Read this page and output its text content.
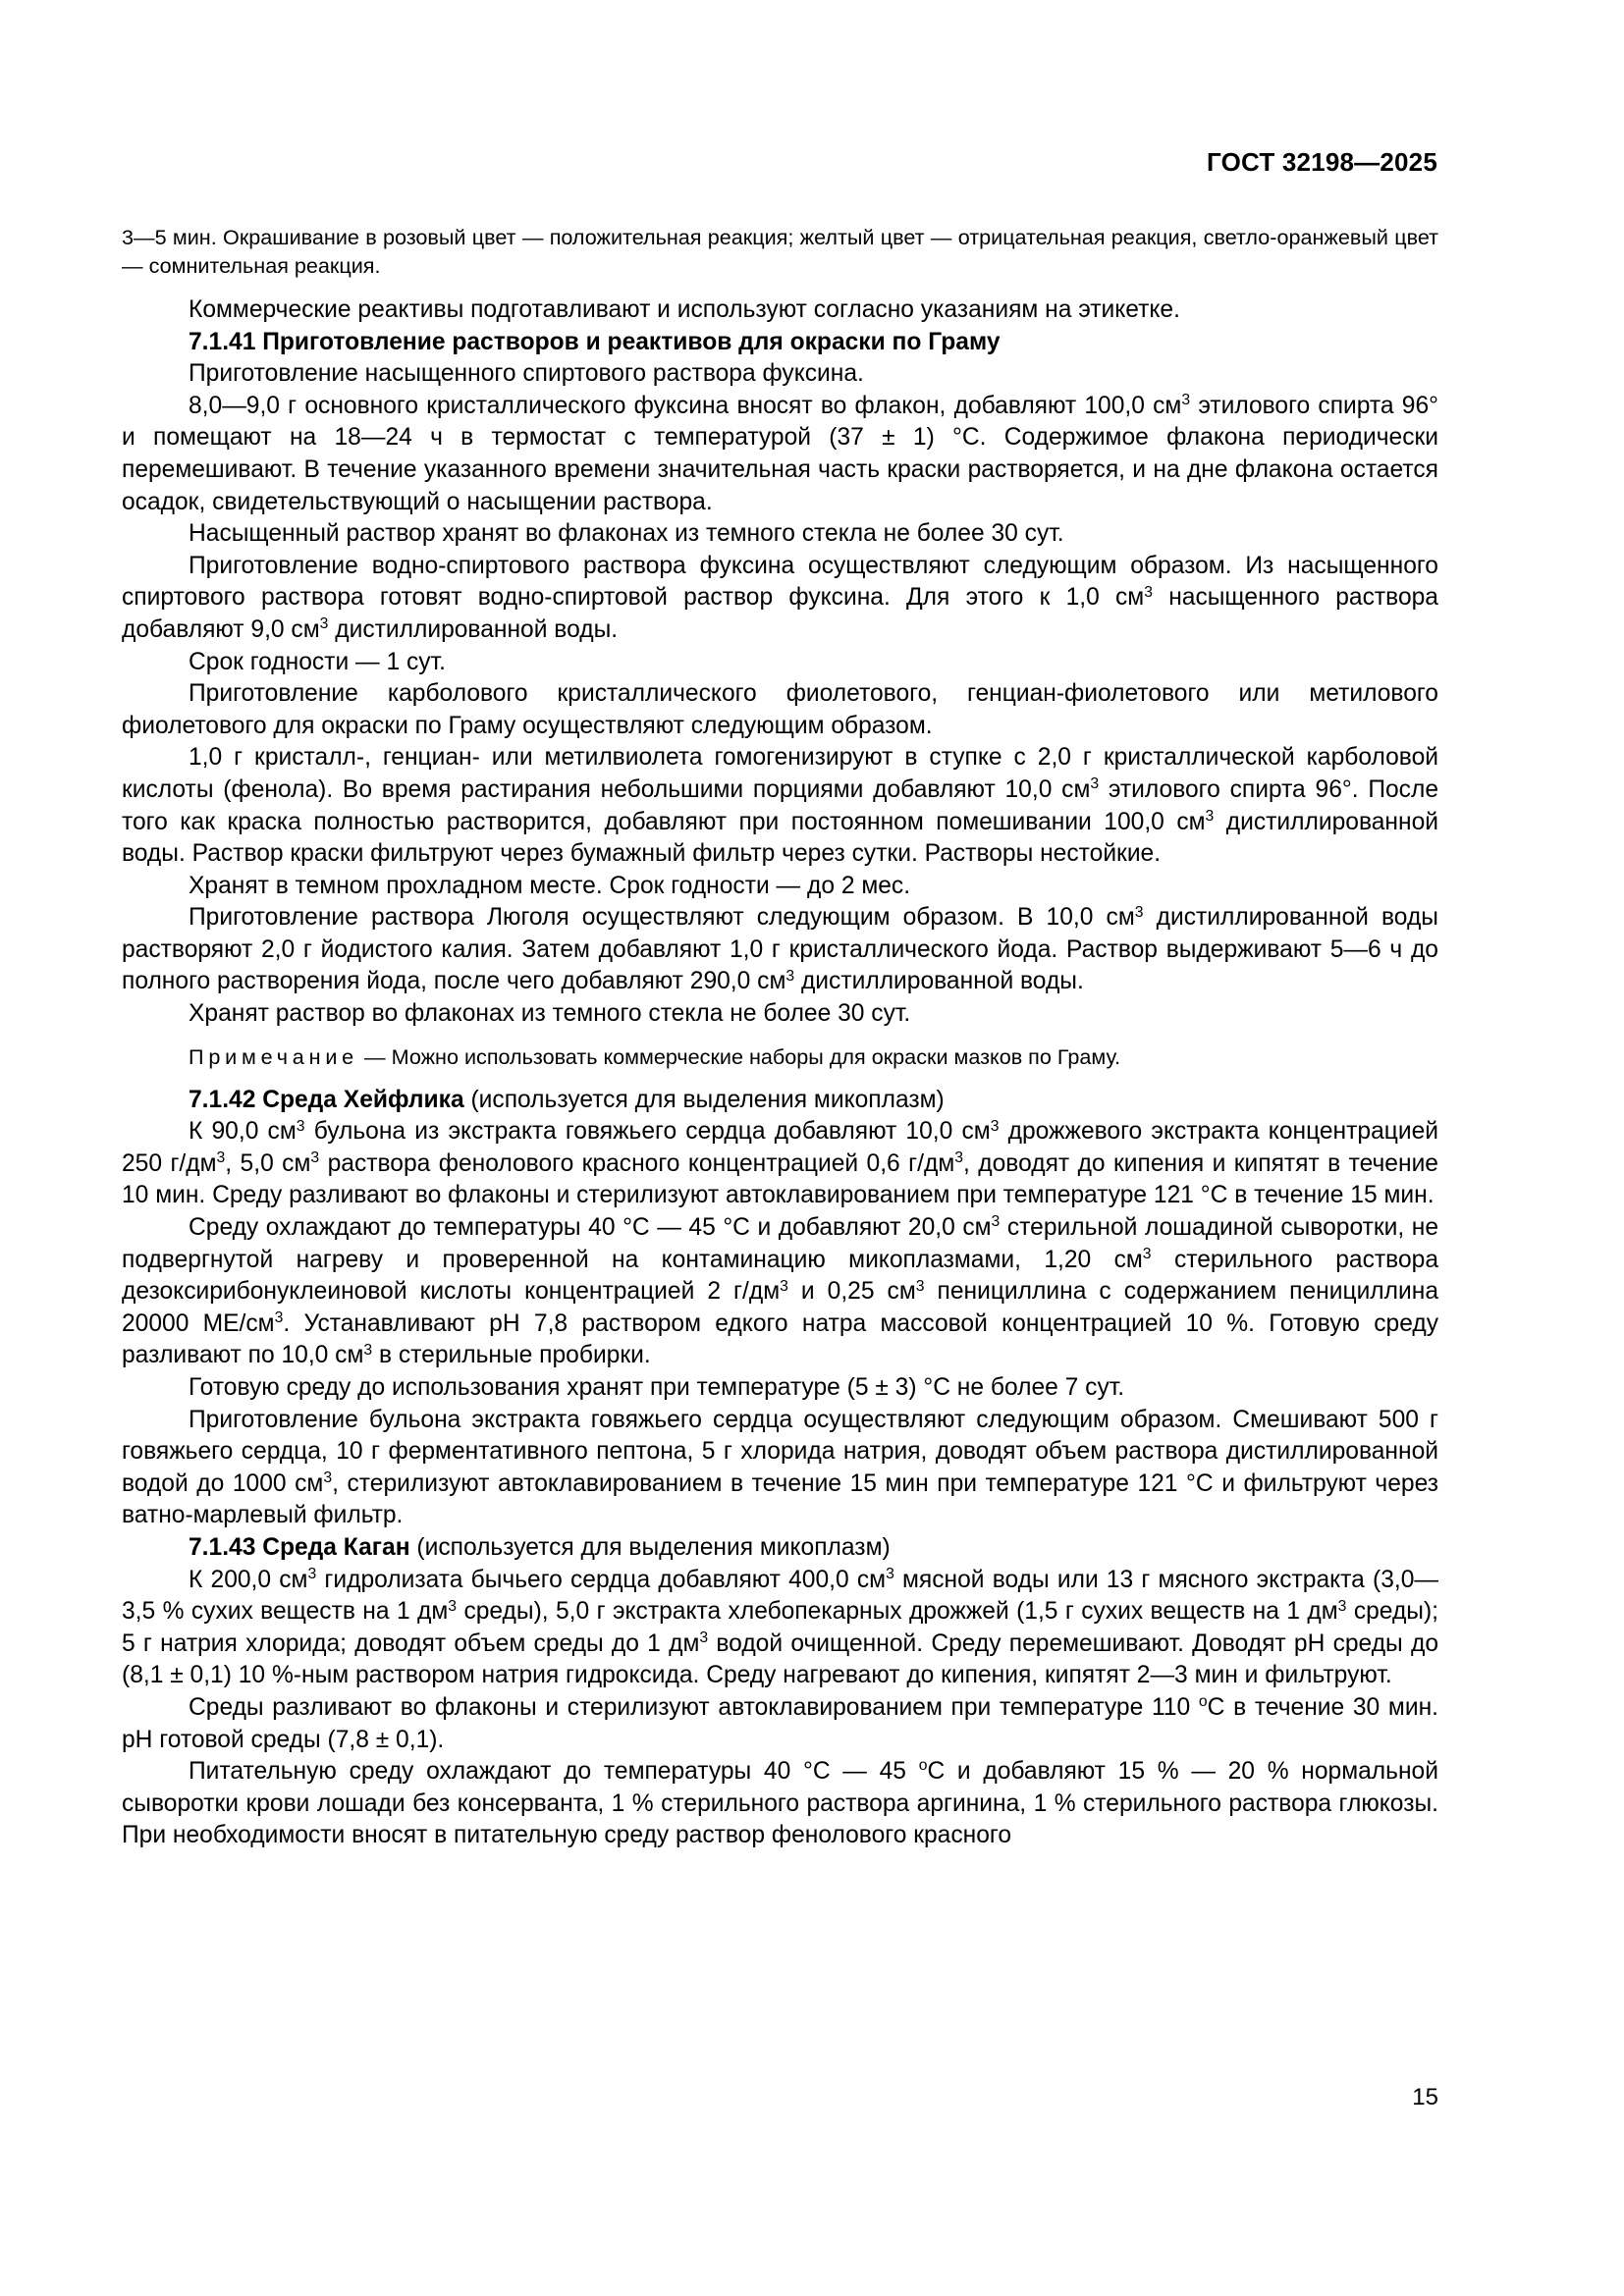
ГОСТ 32198—2025

3—5 мин. Окрашивание в розовый цвет — положительная реакция; желтый цвет — отрицательная реакция, светло-оранжевый цвет — сомнительная реакция.

Коммерческие реактивы подготавливают и используют согласно указаниям на этикетке.

7.1.41 Приготовление растворов и реактивов для окраски по Граму

Приготовление насыщенного спиртового раствора фуксина.

8,0—9,0 г основного кристаллического фуксина вносят во флакон, добавляют 100,0 $см^3$ этилового спирта 96° и помещают на 18—24 ч в термостат с температурой (37 ± 1) °С. Содержимое флакона периодически перемешивают. В течение указанного времени значительная часть краски растворяется, и на дне флакона остается осадок, свидетельствующий о насыщении раствора.

Насыщенный раствор хранят во флаконах из темного стекла не более 30 сут.

Приготовление водно-спиртового раствора фуксина осуществляют следующим образом. Из насыщенного спиртового раствора готовят водно-спиртовой раствор фуксина. Для этого к 1,0 $см^3$ насыщенного раствора добавляют 9,0 $см^3$ дистиллированной воды.

Срок годности — 1 сут.

Приготовление карболового кристаллического фиолетового, генциан-фиолетового или метилового фиолетового для окраски по Граму осуществляют следующим образом.

1,0 г кристалл-, генциан- или метилвиолета гомогенизируют в ступке с 2,0 г кристаллической карболовой кислоты (фенола). Во время растирания небольшими порциями добавляют 10,0 $см^3$ этилового спирта 96°. После того как краска полностью растворится, добавляют при постоянном помешивании 100,0 $см^3$ дистиллированной воды. Раствор краски фильтруют через бумажный фильтр через сутки. Растворы нестойкие.

Хранят в темном прохладном месте. Срок годности — до 2 мес.

Приготовление раствора Люголя осуществляют следующим образом. В 10,0 $см^3$ дистиллированной воды растворяют 2,0 г йодистого калия. Затем добавляют 1,0 г кристаллического йода. Раствор выдерживают 5—6 ч до полного растворения йода, после чего добавляют 290,0 $см^3$ дистиллированной воды.

Хранят раствор во флаконах из темного стекла не более 30 сут.

Примечание — Можно использовать коммерческие наборы для окраски мазков по Граму.

7.1.42 Среда Хейфлика (используется для выделения микоплазм)

К 90,0 $см^3$ бульона из экстракта говяжьего сердца добавляют 10,0 $см^3$ дрожжевого экстракта концентрацией 250 $г/дм^3$, 5,0 $см^3$ раствора фенолового красного концентрацией 0,6 $г/дм^3$, доводят до кипения и кипятят в течение 10 мин. Среду разливают во флаконы и стерилизуют автоклавированием при температуре 121 °С в течение 15 мин.

Среду охлаждают до температуры 40 °С — 45 °С и добавляют 20,0 $см^3$ стерильной лошадиной сыворотки, не подвергнутой нагреву и проверенной на контаминацию микоплазмами, 1,20 $см^3$ стерильного раствора дезоксирибонуклеиновой кислоты концентрацией 2 $г/дм^3$ и 0,25 $см^3$ пенициллина с содержанием пенициллина 20000 $МЕ/см^3$. Устанавливают рН 7,8 раствором едкого натра массовой концентрацией 10 %. Готовую среду разливают по 10,0 $см^3$ в стерильные пробирки.

Готовую среду до использования хранят при температуре (5 ± 3) °С не более 7 сут.

Приготовление бульона экстракта говяжьего сердца осуществляют следующим образом. Смешивают 500 г говяжьего сердца, 10 г ферментативного пептона, 5 г хлорида натрия, доводят объем раствора дистиллированной водой до 1000 $см^3$, стерилизуют автоклавированием в течение 15 мин при температуре 121 °С и фильтруют через ватно-марлевый фильтр.

7.1.43 Среда Каган (используется для выделения микоплазм)

К 200,0 $см^3$ гидролизата бычьего сердца добавляют 400,0 $см^3$ мясной воды или 13 г мясного экстракта (3,0—3,5 % сухих веществ на 1 $дм^3$ среды), 5,0 г экстракта хлебопекарных дрожжей (1,5 г сухих веществ на 1 $дм^3$ среды); 5 г натрия хлорида; доводят объем среды до 1 $дм^3$ водой очищенной. Среду перемешивают. Доводят рН среды до (8,1 ± 0,1) 10 %-ным раствором натрия гидроксида. Среду нагревают до кипения, кипятят 2—3 мин и фильтруют.

Среды разливают во флаконы и стерилизуют автоклавированием при температуре 110 $^о$С в течение 30 мин. рН готовой среды (7,8 ± 0,1).

Питательную среду охлаждают до температуры 40 °С — 45 $^о$С и добавляют 15 % — 20 % нормальной сыворотки крови лошади без консерванта, 1 % стерильного раствора аргинина, 1 % стерильного раствора глюкозы. При необходимости вносят в питательную среду раствор фенолового красного

15
